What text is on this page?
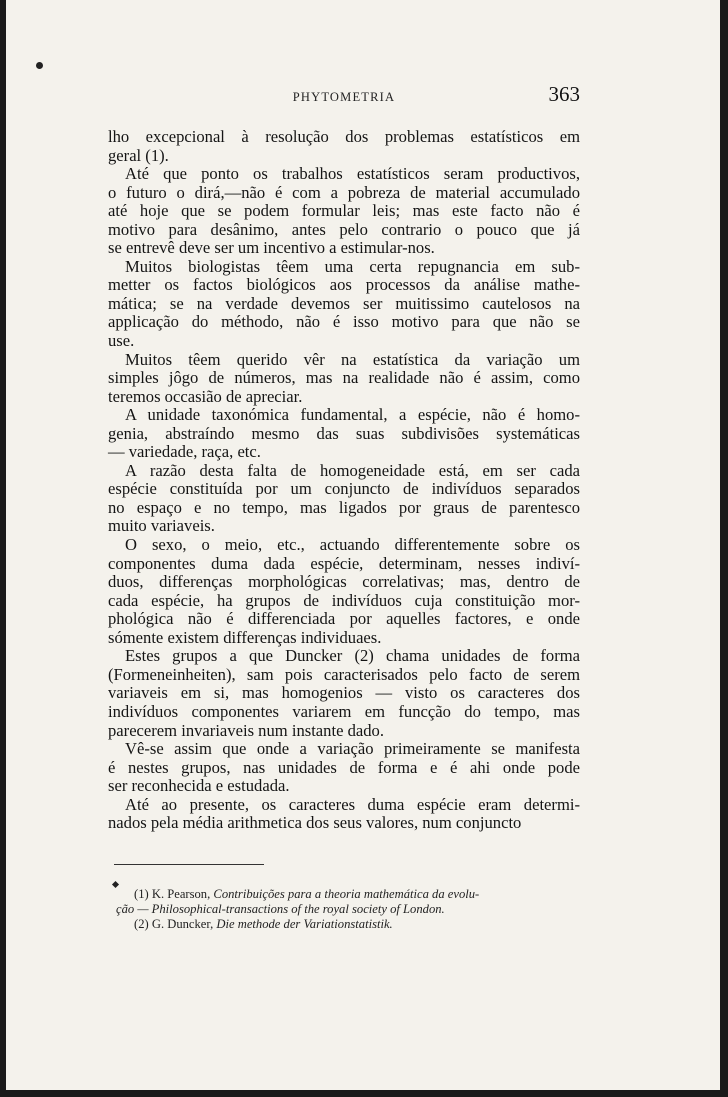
PHYTOMETRIA	363

lho excepcional à resolução dos problemas estatísticos em

geral (1).

Até que ponto os trabalhos estatísticos seram productivos,

o futuro o dirá,—não é com a pobreza de material accumulado

até hoje que se podem formular leis; mas este facto não é

motivo para desânimo, antes pelo contrario o pouco que já

se entrevê deve ser um incentivo a estimular-nos.

Muitos biologistas têem uma certa repugnancia em sub-

metter os factos biológicos aos processos da análise mathe-

mática; se na verdade devemos ser muitissimo cautelosos na

applicação do méthodo, não é isso motivo para que não se

use.

Muitos têem querido vêr na estatística da variação um

simples jôgo de números, mas na realidade não é assim, como

teremos occasião de apreciar.

A unidade taxonómica fundamental, a espécie, não é homo-

genia, abstraíndo mesmo das suas subdivisões systemáticas

— variedade, raça, etc.

A razão desta falta de homogeneidade está, em ser cada

espécie constituída por um conjuncto de indivíduos separados

no espaço e no tempo, mas ligados por graus de parentesco

muito variaveis.

O sexo, o meio, etc., actuando differentemente sobre os

componentes duma dada espécie, determinam, nesses indiví-

duos, differenças morphológicas correlativas; mas, dentro de

cada espécie, ha grupos de indivíduos cuja constituição mor-

phológica não é differenciada por aquelles factores, e onde

sómente existem differenças individuaes.

Estes grupos a que Duncker (2) chama unidades de forma

(Formeneinheiten), sam pois caracterisados pelo facto de serem

variaveis em si, mas homogenios — visto os caracteres dos

indivíduos componentes variarem em funcção do tempo, mas

parecerem invariaveis num instante dado.

Vê-se assim que onde a variação primeiramente se manifesta

é nestes grupos, nas unidades de forma e é ahi onde pode

ser reconhecida e estudada.

Até ao presente, os caracteres duma espécie eram determi-

nados pela média arithmetica dos seus valores, num conjuncto

(1) K. Pearson, Contribuições para a theoria mathemática da evolu-
ção — Philosophical-transactions of the royal society of London.

(2) G. Duncker, Die methode der Variationstatistik.
